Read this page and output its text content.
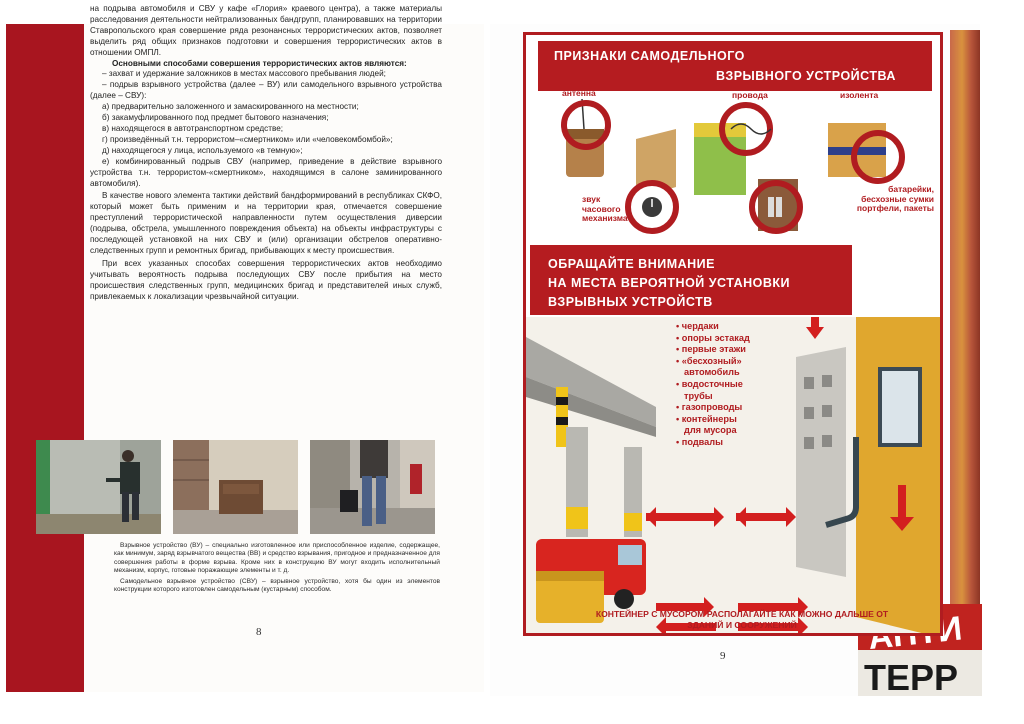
на подрыва автомобиля и СВУ у кафе «Глория» краевого центра), а также материалы расследования деятельности нейтрализованных бандгрупп, планировавших на территории Ставропольского края совершение ряда резонансных террористических актов, позволяет выделить ряд общих признаков подготовки и совершения террористических актов в отношении ОМПЛ.

Основными способами совершения террористических актов являются:

– захват и удержание заложников в местах массового пребывания людей;

– подрыв взрывного устройства (далее – ВУ) или самодельного взрывного устройства (далее – СВУ):

а) предварительно заложенного и замаскированного на местности;

б) закамуфлированного под предмет бытового назначения;

в) находящегося в автотранспортном средстве;

г) произведённый т.н. террористом–«смертником» или «человекомбомбой»;

д) находящегося у лица, используемого «в темную»;

е) комбинированный подрыв СВУ (например, приведение в действие взрывного устройства т.н. террористом-«смертником», находящимся в салоне заминированного автомобиля).

В качестве нового элемента тактики действий бандформирований в республиках СКФО, который может быть применим и на территории края, отмечается совершение преступлений террористической направленности путем осуществления диверсии (подрыва, обстрела, умышленного повреждения объекта) на объекты инфраструктуры с последующей установкой на них СВУ и (или) организации обстрелов оперативно-следственных групп и ремонтных бригад, прибывающих к месту происшествия.

При всех указанных способах совершения террористических актов необходимо учитывать вероятность подрыва последующих СВУ после прибытия на место происшествия следственных групп, медицинских бригад и представителей иных служб, привлекаемых к локализации чрезвычайной ситуации.

Взрывное устройство (ВУ) – специально изготовленное или приспособленное изделие, содержащее, как минимум, заряд взрывчатого вещества (ВВ) и средство взрывания, пригодное и предназначенное для совершения работы в форме взрыва. Кроме них в конструкцию ВУ могут входить исполнительный механизм, корпус, готовые поражающие элементы и т. д.

Самодельное взрывное устройство (СВУ) – взрывное устройство, хотя бы один из элементов конструкции которого изготовлен самодельным (кустарным) способом.

8
ТЕРР
9
ПРИЗНАКИ САМОДЕЛЬНОГО
ВЗРЫВНОГО УСТРОЙСТВА
антенна	провода	изолента
звук часового механизма
батарейки, бесхозные сумки портфели, пакеты
ОБРАЩАЙТЕ ВНИМАНИЕ
НА МЕСТА ВЕРОЯТНОЙ УСТАНОВКИ
ВЗРЫВНЫХ УСТРОЙСТВ
• чердаки
• опоры эстакад
• первые этажи
• «бесхозный»
автомобиль
• водосточные
трубы
• газопроводы
• контейнеры
для мусора
• подвалы
КОНТЕЙНЕР С МУСОРОМ РАСПОЛАГАЙТЕ КАК МОЖНО ДАЛЬШЕ ОТ ЗДАНИЙ И СООРУЖЕНИЙ
